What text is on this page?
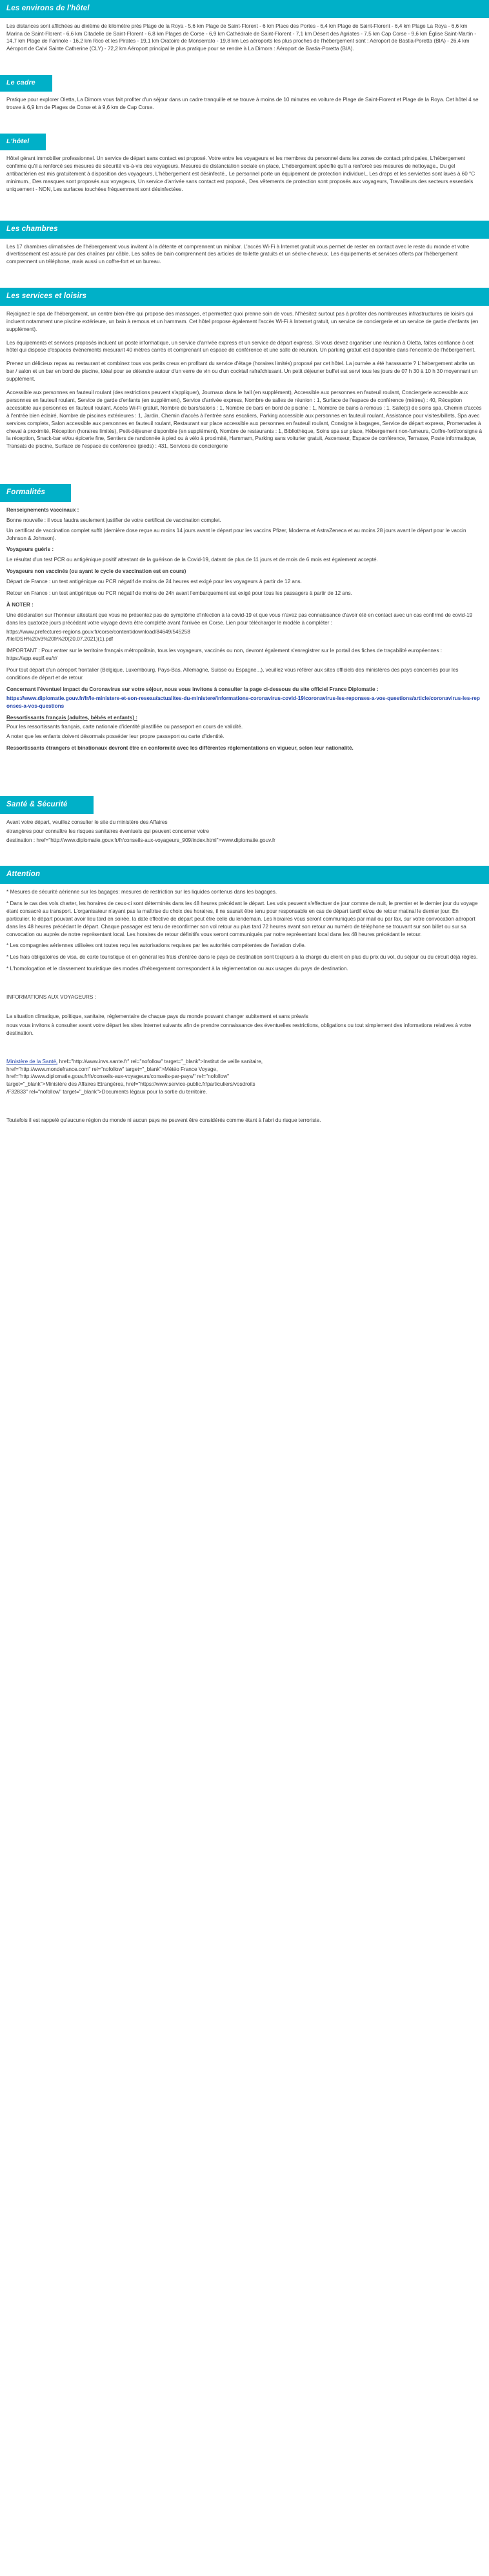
Les environs de l'hôtel

Les distances sont affichées au dixième de kilomètre près Plage de la Roya - 5,6 km Plage de Saint-Florent - 6 km Place des Portes - 6,4 km Plage de Saint-Florent - 6,4 km Plage La Roya - 6,6 km Marina de Saint-Florent - 6,6 km Citadelle de Saint-Florent - 6,8 km Plages de Corse - 6,9 km Cathédrale de Saint-Florent - 7,1 km Désert des Agriates - 7,5 km Cap Corse - 9,6 km Église Saint-Martin - 14,7 km Plage de Farinole - 16,2 km Rico et les Pirates - 19,1 km Oratoire de Monserrato - 19,8 km Les aéroports les plus proches de l'hébergement sont : Aéroport de Bastia-Poretta (BIA) - 26,4 km Aéroport de Calvi Sainte Catherine (CLY) - 72,2 km Aéroport principal le plus pratique pour se rendre à La Dimora : Aéroport de Bastia-Poretta (BIA).

Le cadre

Pratique pour explorer Oletta, La Dimora vous fait profiter d'un séjour dans un cadre tranquille et se trouve à moins de 10 minutes en voiture de Plage de Saint-Florent et Plage de la Roya. Cet hôtel 4 se trouve à 6,9 km de Plages de Corse et à 9,6 km de Cap Corse.

L'hôtel

Hôtel gérant immobilier professionnel. Un service de départ sans contact est proposé. Votre entre les voyageurs et les membres du personnel dans les zones de contact principales, L'hébergement confirme qu'il a renforcé ses mesures de sécurité vis-à-vis des voyageurs. Mesures de distanciation sociale en place, L'hébergement spécifie qu'il a renforcé ses mesures de nettoyage., Du gel antibactérien est mis gratuitement à disposition des voyageurs, L'hébergement est désinfecté., Le personnel porte un équipement de protection individuel., Les draps et les serviettes sont lavés à 60 °C minimum., Des masques sont proposés aux voyageurs, Un service d'arrivée sans contact est proposé., Des vêtements de protection sont proposés aux voyageurs, Travailleurs des secteurs essentiels uniquement - NON, Les surfaces touchées fréquemment sont désinfectées.

Les chambres

Les 17 chambres climatisées de l'hébergement vous invitent à la détente et comprennent un minibar. L'accès Wi-Fi à Internet gratuit vous permet de rester en contact avec le reste du monde et votre divertissement est assuré par des chaînes par câble. Les salles de bain comprennent des articles de toilette gratuits et un sèche-cheveux. Les équipements et services offerts par l'hébergement comprennent un téléphone, mais aussi un coffre-fort et un bureau.

Les services et loisirs

Rejoignez le spa de l'hébergement, un centre bien-être qui propose des massages, et permettez quoi prenne soin de vous. N'hésitez surtout pas à profiter des nombreuses infrastructures de loisirs qui incluent notamment une piscine extérieure, un bain à remous et un hammam. Cet hôtel propose également l'accès Wi-Fi à Internet gratuit, un service de conciergerie et un service de garde d'enfants (en supplément).

Les équipements et services proposés incluent un poste informatique, un service d'arrivée express et un service de départ express. Si vous devez organiser une réunion à Oletta, faites confiance à cet hôtel qui dispose d'espaces événements mesurant 40 mètres carrés et comprenant un espace de conférence et une salle de réunion. Un parking gratuit est disponible dans l'enceinte de l'hébergement.

Prenez un délicieux repas au restaurant et combinez tous vos petits creux en profitant du service d'étage (horaires limités) proposé par cet hôtel. La journée a été harassante ? L'hébergement abrite un bar / salon et un bar en bord de piscine, idéal pour se détendre autour d'un verre de vin ou d'un cocktail rafraîchissant. Un petit déjeuner buffet est servi tous les jours de 07 h 30 à 10 h 30 moyennant un supplément.

Accessible aux personnes en fauteuil roulant (des restrictions peuvent s'appliquer), Journaux dans le hall (en supplément), Accessible aux personnes en fauteuil roulant, Conciergerie accessible aux personnes en fauteuil roulant, Service de garde d'enfants (en supplément), Service d'arrivée express, Nombre de salles de réunion : 1, Surface de l'espace de conférence (mètres) : 40, Réception accessible aux personnes en fauteuil roulant, Accès Wi-Fi gratuit, Nombre de bars/salons : 1, Nombre de bars en bord de piscine : 1, Nombre de bains à remous : 1, Salle(s) de soins spa, Chemin d'accès à l'entrée bien éclairé, Nombre de piscines extérieures : 1, Jardin, Chemin d'accès à l'entrée sans escaliers, Parking accessible aux personnes en fauteuil roulant, Assistance pour visites/billets, Spa avec services complets, Salon accessible aux personnes en fauteuil roulant, Restaurant sur place accessible aux personnes en fauteuil roulant, Consigne à bagages, Service de départ express, Promenades à cheval à proximité, Réception (horaires limités), Petit-déjeuner disponible (en supplément), Nombre de restaurants : 1, Bibliothèque, Soins spa sur place, Hébergement non-fumeurs, Coffre-fort/consigne à la réception, Snack-bar et/ou épicerie fine, Sentiers de randonnée à pied ou à vélo à proximité, Hammam, Parking sans voiturier gratuit, Ascenseur, Espace de conférence, Terrasse, Poste informatique, Transats de piscine, Surface de l'espace de conférence (pieds) : 431, Services de conciergerie

Formalités

Renseignements vaccinaux :

Bonne nouvelle : il vous faudra seulement justifier de votre certificat de vaccination complet.

Un certificat de vaccination complet suffit (dernière dose reçue au moins 14 jours avant le départ pour les vaccins Pfizer, Moderna et AstraZeneca et au moins 28 jours avant le départ pour le vaccin Johnson & Johnson).

Voyageurs guéris :

Le résultat d'un test PCR ou antigénique positif attestant de la guérison de la Covid-19, datant de plus de 11 jours et de mois de 6 mois est également accepté.

Voyageurs non vaccinés (ou ayant le cycle de vaccination est en cours)

Départ de France : un test antigénique ou PCR négatif de moins de 24 heures est exigé pour les voyageurs à partir de 12 ans.

Retour en France : un test antigénique ou PCR négatif de moins de 24h avant l'embarquement est exigé pour tous les passagers à partir de 12 ans.

À NOTER :

Une déclaration sur l'honneur attestant que vous ne présentez pas de symptôme d'infection à la covid-19 et que vous n'avez pas connaissance d'avoir été en contact avec un cas confirmé de covid-19 dans les quatorze jours précédant votre voyage devra être complété avant l'arrivée en Corse. Lien pour télécharger le modèle à compléter :

https://www.prefectures-regions.gouv.fr/corse/content/download/84649/545258

/file/DSH%20v3%20fr%20(20.07.2021)(1).pdf

IMPORTANT : Pour entrer sur le territoire français métropolitain, tous les voyageurs, vaccinés ou non, devront également s'enregistrer sur le portail des fiches de traçabilité européennes : https://app.euplf.eu/#/

Pour tout départ d'un aéroport frontalier (Belgique, Luxembourg, Pays-Bas, Allemagne, Suisse ou Espagne...), veuillez vous référer aux sites officiels des ministères des pays concernés pour les conditions de départ et de retour.

Concernant l'éventuel impact du Coronavirus sur votre séjour, nous vous invitons à consulter la page ci-dessous du site officiel France Diplomatie :

https://www.diplomatie.gouv.fr/fr/le-ministere-et-son-reseau/actualites-du-ministere/informations-coronavirus-covid-19/coronavirus-les-reponses-a-vos-questions/article/coronavirus-les-reponses-a-vos-questions

Ressortissants français (adultes, bébés et enfants) :

Pour les ressortissants français, carte nationale d'identité plastifiée ou passeport en cours de validité.

A noter que les enfants doivent désormais posséder leur propre passeport ou carte d'identité.

Ressortissants étrangers et binationaux devront être en conformité avec les différentes réglementations en vigueur, selon leur nationalité.

Santé & Sécurité

Avant votre départ, veuillez consulter le site du ministère des Affaires

étrangères pour connaître les risques sanitaires éventuels qui peuvent concerner votre

destination : href="http://www.diplomatie.gouv.fr/fr/conseils-aux-voyageurs_909/index.html">www.diplomatie.gouv.fr

Attention

* Mesures de sécurité aérienne sur les bagages: mesures de restriction sur les liquides contenus dans les bagages.

* Dans le cas des vols charter, les horaires de ceux-ci sont déterminés dans les 48 heures précédant le départ. Les vols peuvent s'effectuer de jour comme de nuit, le premier et le dernier jour du voyage étant consacré au transport. L'organisateur n'ayant pas la maîtrise du choix des horaires, il ne saurait être tenu pour responsable en cas de départ tardif et/ou de retour matinal le dernier jour. En particulier, le départ pouvant avoir lieu tard en soirée, la date effective de départ peut être celle du lendemain. Les horaires vous seront communiqués par mail ou par fax, sur votre convocation aéroport dans les 48 heures précédant le départ. Chaque passager est tenu de reconfirmer son vol retour au plus tard 72 heures avant son retour au numéro de téléphone se trouvant sur son billet ou sur sa convocation ou auprès de notre représentant local. Les horaires de retour définitifs vous seront communiqués par notre représentant local dans les 48 heures précédant le retour.

* Les compagnies aériennes utilisées ont toutes reçu les autorisations requises par les autorités compétentes de l'aviation civile.

* Les frais obligatoires de visa, de carte touristique et en général les frais d'entrée dans le pays de destination sont toujours à la charge du client en plus du prix du vol, du séjour ou du circuit déjà réglés.

* L'homologation et le classement touristique des modes d'hébergement correspondent à la réglementation ou aux usages du pays de destination.

INFORMATIONS AUX VOYAGEURS :

La situation climatique, politique, sanitaire, réglementaire de chaque pays du monde pouvant changer subitement et sans préavis

nous vous invitons à consulter avant votre départ les sites Internet suivants afin de prendre connaissance des éventuelles restrictions, obligations ou tout simplement des informations relatives à votre destination.

Ministère de la Santé, href="http://www.invs.sante.fr" rel="nofollow" target="_blank">Institut de veille sanitaire,

href="http://www.mondefrance.com" rel="nofollow" target="_blank">Météo France Voyage,

href="http://www.diplomatie.gouv.fr/fr/conseils-aux-voyageurs/conseils-par-pays/" rel="nofollow"

target="_blank">Ministère des Affaires Etrangères, href="https://www.service-public.fr/particuliers/vosdroits

/F32833" rel="nofollow" target="_blank">Documents légaux pour la sortie du territoire.

Toutefois il est rappelé qu'aucune région du monde ni aucun pays ne peuvent être considérés comme étant à l'abri du risque terroriste.
